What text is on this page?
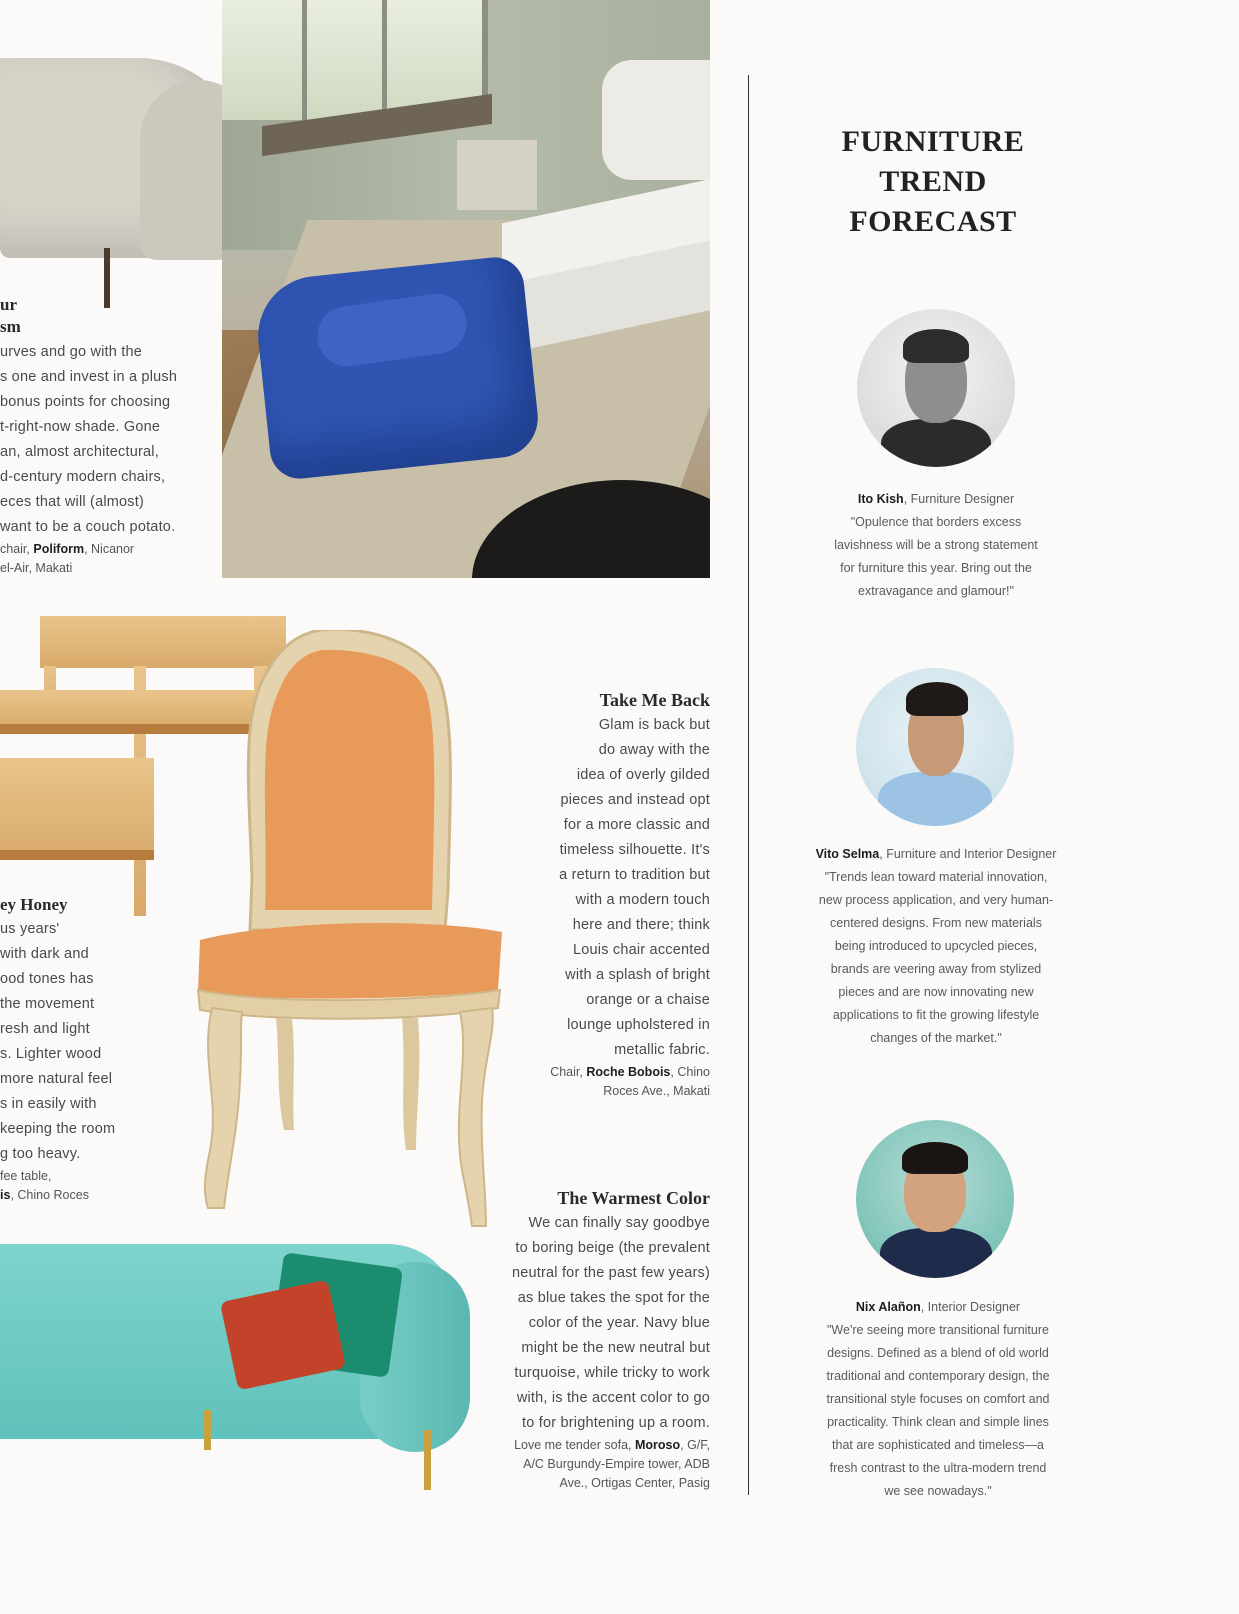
ur
sm
urves and go with the
s one and invest in a plush
bonus points for choosing
t-right-now shade. Gone
an, almost architectural,
d-century modern chairs,
eces that will (almost)
want to be a couch potato.
chair, Poliform, Nicanor
el-Air, Makati
ey Honey
us years'
with dark and
ood tones has
the movement
resh and light
s. Lighter wood
more natural feel
s in easily with
keeping the room
g too heavy.
fee table,
is, Chino Roces
Take Me Back
Glam is back but
do away with the
idea of overly gilded
pieces and instead opt
for a more classic and
timeless silhouette. It's
a return to tradition but
with a modern touch
here and there; think
Louis chair accented
with a splash of bright
orange or a chaise
lounge upholstered in
metallic fabric.
Chair, Roche Bobois, Chino
Roces Ave., Makati
The Warmest Color
We can finally say goodbye
to boring beige (the prevalent
neutral for the past few years)
as blue takes the spot for the
color of the year. Navy blue
might be the new neutral but
turquoise, while tricky to work
with, is the accent color to go
to for brightening up a room.
Love me tender sofa, Moroso, G/F,
A/C Burgundy-Empire tower, ADB
Ave., Ortigas Center, Pasig
FURNITURE
TREND
FORECAST
Ito Kish, Furniture Designer
"Opulence that borders excess
lavishness will be a strong statement
for furniture this year. Bring out the
extravagance and glamour!"
Vito Selma, Furniture and Interior Designer
"Trends lean toward material innovation,
new process application, and very human-
centered designs. From new materials
being introduced to upcycled pieces,
brands are veering away from stylized
pieces and are now innovating new
applications to fit the growing lifestyle
changes of the market."
Nix Alañon, Interior Designer
"We're seeing more transitional furniture
designs. Defined as a blend of old world
traditional and contemporary design, the
transitional style focuses on comfort and
practicality. Think clean and simple lines
that are sophisticated and timeless—a
fresh contrast to the ultra-modern trend
we see nowadays."
